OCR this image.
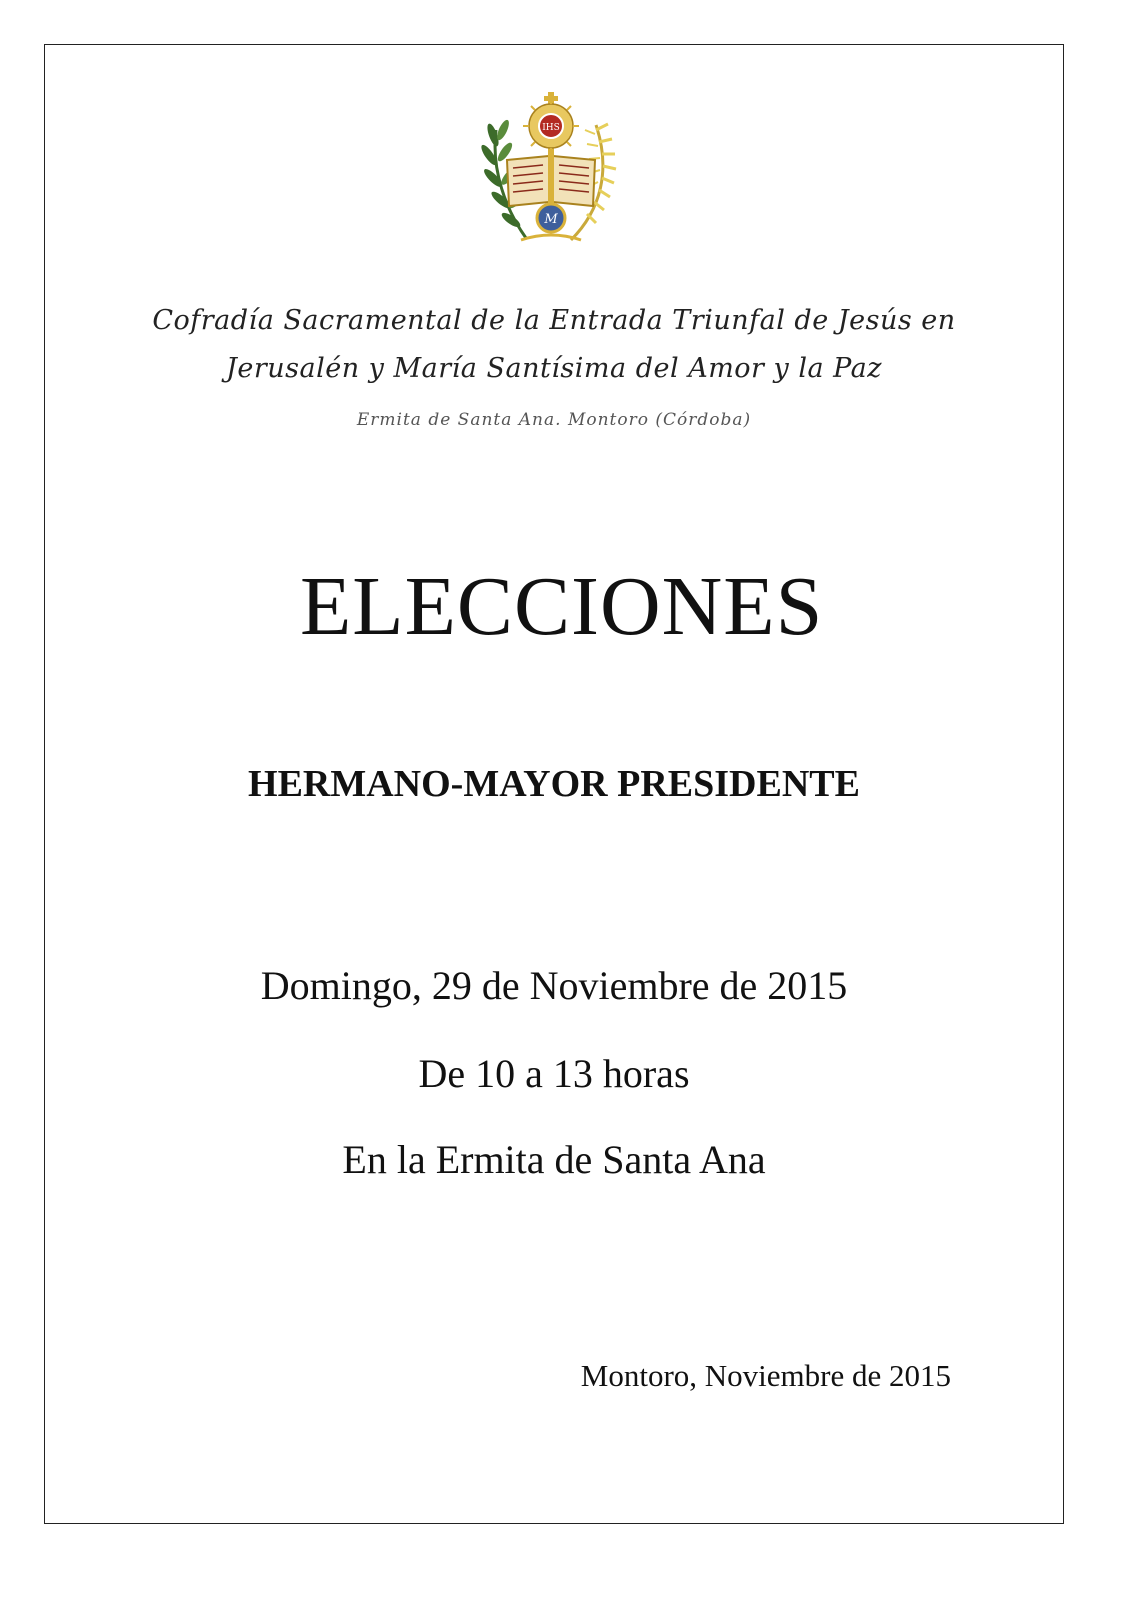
IHS
M
Cofradía Sacramental de la Entrada Triunfal de Jesús en
Jerusalén y María Santísima del Amor y la Paz
Ermita de Santa Ana. Montoro (Córdoba)
ELECCIONES
HERMANO-MAYOR PRESIDENTE
Domingo, 29 de Noviembre de 2015
De 10 a 13 horas
En la Ermita de Santa Ana
Montoro, Noviembre de 2015
